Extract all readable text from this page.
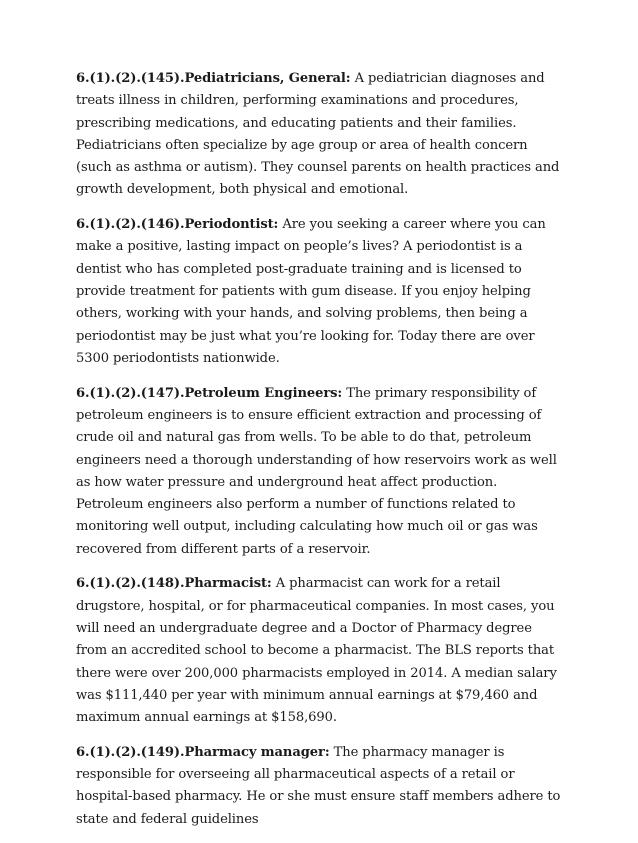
6.(1).(2).(145).Pediatricians, General: A pediatrician diagnoses and treats illness in children, performing examinations and procedures, prescribing medications, and educating patients and their families. Pediatricians often specialize by age group or area of health concern (such as asthma or autism). They counsel parents on health practices and growth development, both physical and emotional.

6.(1).(2).(146).Periodontist: Are you seeking a career where you can make a positive, lasting impact on people’s lives? A periodontist is a dentist who has completed post-graduate training and is licensed to provide treatment for patients with gum disease. If you enjoy helping others, working with your hands, and solving problems, then being a periodontist may be just what you’re looking for. Today there are over 5300 periodontists nationwide.

6.(1).(2).(147).Petroleum Engineers: The primary responsibility of petroleum engineers is to ensure efficient extraction and processing of crude oil and natural gas from wells. To be able to do that, petroleum engineers need a thorough understanding of how reservoirs work as well as how water pressure and underground heat affect production. Petroleum engineers also perform a number of functions related to monitoring well output, including calculating how much oil or gas was recovered from different parts of a reservoir.

6.(1).(2).(148).Pharmacist: A pharmacist can work for a retail drugstore, hospital, or for pharmaceutical companies. In most cases, you will need an undergraduate degree and a Doctor of Pharmacy degree from an accredited school to become a pharmacist. The BLS reports that there were over 200,000 pharmacists employed in 2014. A median salary was $111,440 per year with minimum annual earnings at $79,460 and maximum annual earnings at $158,690.

6.(1).(2).(149).Pharmacy manager: The pharmacy manager is responsible for overseeing all pharmaceutical aspects of a retail or hospital-based pharmacy. He or she must ensure staff members adhere to state and federal guidelines
